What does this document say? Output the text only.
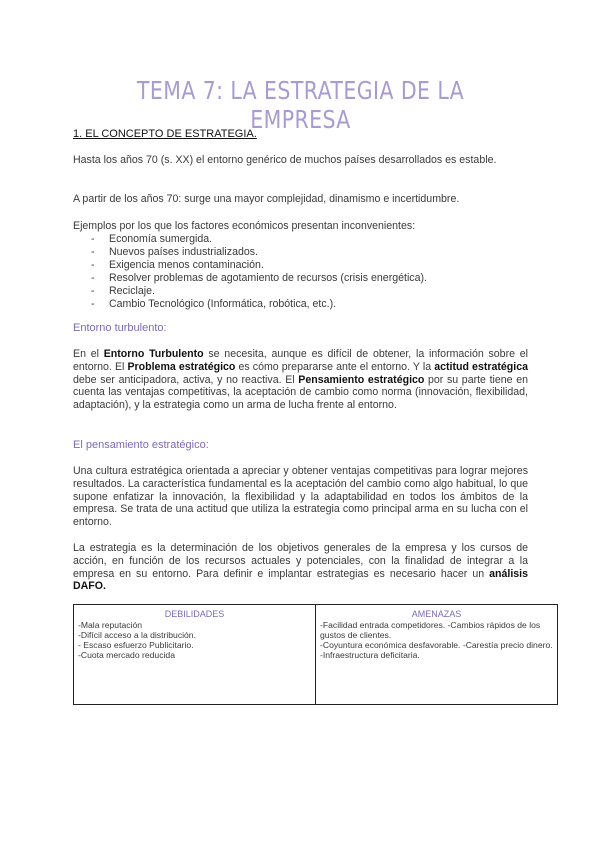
TEMA 7: LA ESTRATEGIA DE LA EMPRESA
1. EL CONCEPTO DE ESTRATEGIA.
Hasta los años 70 (s. XX) el entorno genérico de muchos países desarrollados es estable.
A partir de los años 70: surge una mayor complejidad, dinamismo e incertidumbre.
Ejemplos por los que los factores económicos presentan inconvenientes:
- Economía sumergida.
- Nuevos países industrializados.
- Exigencia menos contaminación.
- Resolver problemas de agotamiento de recursos (crisis energética).
- Reciclaje.
- Cambio Tecnológico (Informática, robótica, etc.).
Entorno turbulento:
En el Entorno Turbulento se necesita, aunque es difícil de obtener, la información sobre el entorno. El Problema estratégico es cómo prepararse ante el entorno. Y la actitud estratégica debe ser anticipadora, activa, y no reactiva. El Pensamiento estratégico por su parte tiene en cuenta las ventajas competitivas, la aceptación de cambio como norma (innovación, flexibilidad, adaptación), y la estrategia como un arma de lucha frente al entorno.
El pensamiento estratégico:
Una cultura estratégica orientada a apreciar y obtener ventajas competitivas para lograr mejores resultados. La característica fundamental es la aceptación del cambio como algo habitual, lo que supone enfatizar la innovación, la flexibilidad y la adaptabilidad en todos los ámbitos de la empresa. Se trata de una actitud que utiliza la estrategia como principal arma en su lucha con el entorno.
La estrategia es la determinación de los objetivos generales de la empresa y los cursos de acción, en función de los recursos actuales y potenciales, con la finalidad de integrar a la empresa en su entorno. Para definir e implantar estrategias es necesario hacer un análisis DAFO.
DEBILIDADES
-Mala reputación
-Difícil acceso a la distribución.
- Escaso esfuerzo Publicitario.
-Cuota mercado reducida
AMENAZAS
-Facilidad entrada competidores. -Cambios rápidos de los gustos de clientes.
-Coyuntura económica desfavorable. -Carestía precio dinero.
-Infraestructura deficitaria.
